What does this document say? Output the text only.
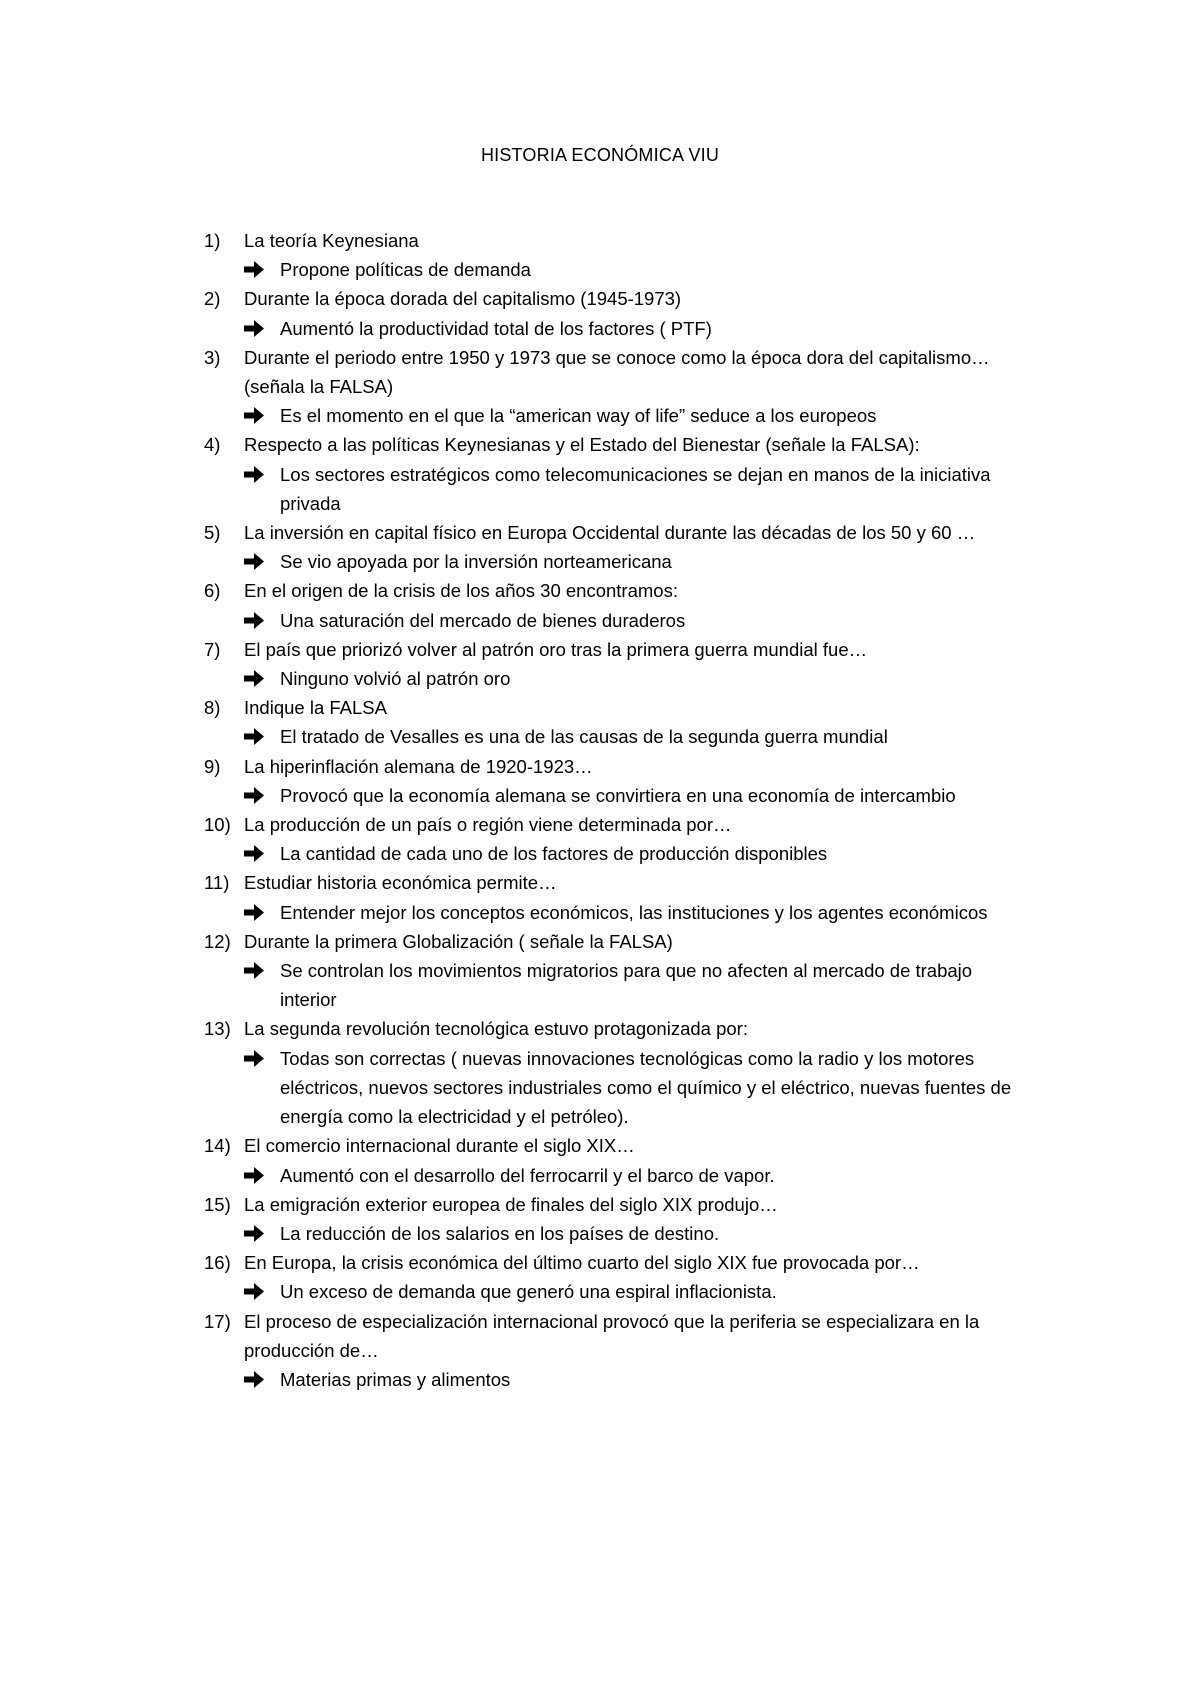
HISTORIA ECONÓMICA VIU
1)	La teoría Keynesiana
Propone políticas de demanda
2)	Durante la época dorada del capitalismo (1945-1973)
Aumentó la productividad total de los factores ( PTF)
3)	Durante el periodo entre 1950 y 1973 que se conoce como la época dora del capitalismo… (señala la FALSA)
Es el momento en el que la “american way of life” seduce a los europeos
4)	Respecto a las políticas Keynesianas y el Estado del Bienestar (señale la FALSA):
Los sectores estratégicos como telecomunicaciones se dejan en manos de la iniciativa privada
5)	La inversión en capital físico en Europa Occidental durante las décadas de los 50 y 60 …
Se vio apoyada por la inversión norteamericana
6)	En el origen de la crisis de los años 30 encontramos:
Una saturación del mercado de bienes duraderos
7)	El país que priorizó volver al patrón oro tras la primera guerra mundial fue…
Ninguno volvió al patrón oro
8)	Indique la FALSA
El tratado de Vesalles es una de las causas de la segunda guerra mundial
9)	La hiperinflación alemana de 1920-1923…
Provocó que la economía alemana se convirtiera en una economía de intercambio
10) La producción de un país o región viene determinada por…
La cantidad de cada uno de los factores de producción disponibles
11) Estudiar historia económica permite…
Entender mejor los conceptos económicos, las instituciones y los agentes económicos
12) Durante la primera Globalización ( señale la FALSA)
Se controlan los movimientos migratorios para que no afecten al mercado de trabajo interior
13) La segunda revolución tecnológica estuvo protagonizada por:
Todas son correctas ( nuevas innovaciones tecnológicas como la radio y los motores eléctricos, nuevos sectores industriales como el químico y el eléctrico, nuevas fuentes de energía como la electricidad y el petróleo).
14) El comercio internacional durante el siglo XIX…
Aumentó con el desarrollo del ferrocarril y el barco de vapor.
15) La emigración exterior europea de finales del siglo XIX produjo…
La reducción de los salarios en los países de destino.
16) En Europa, la crisis económica del último cuarto del siglo XIX fue provocada por…
Un exceso de demanda que generó una espiral inflacionista.
17) El proceso de especialización internacional provocó que la periferia se especializara en la producción de…
Materias primas y alimentos
